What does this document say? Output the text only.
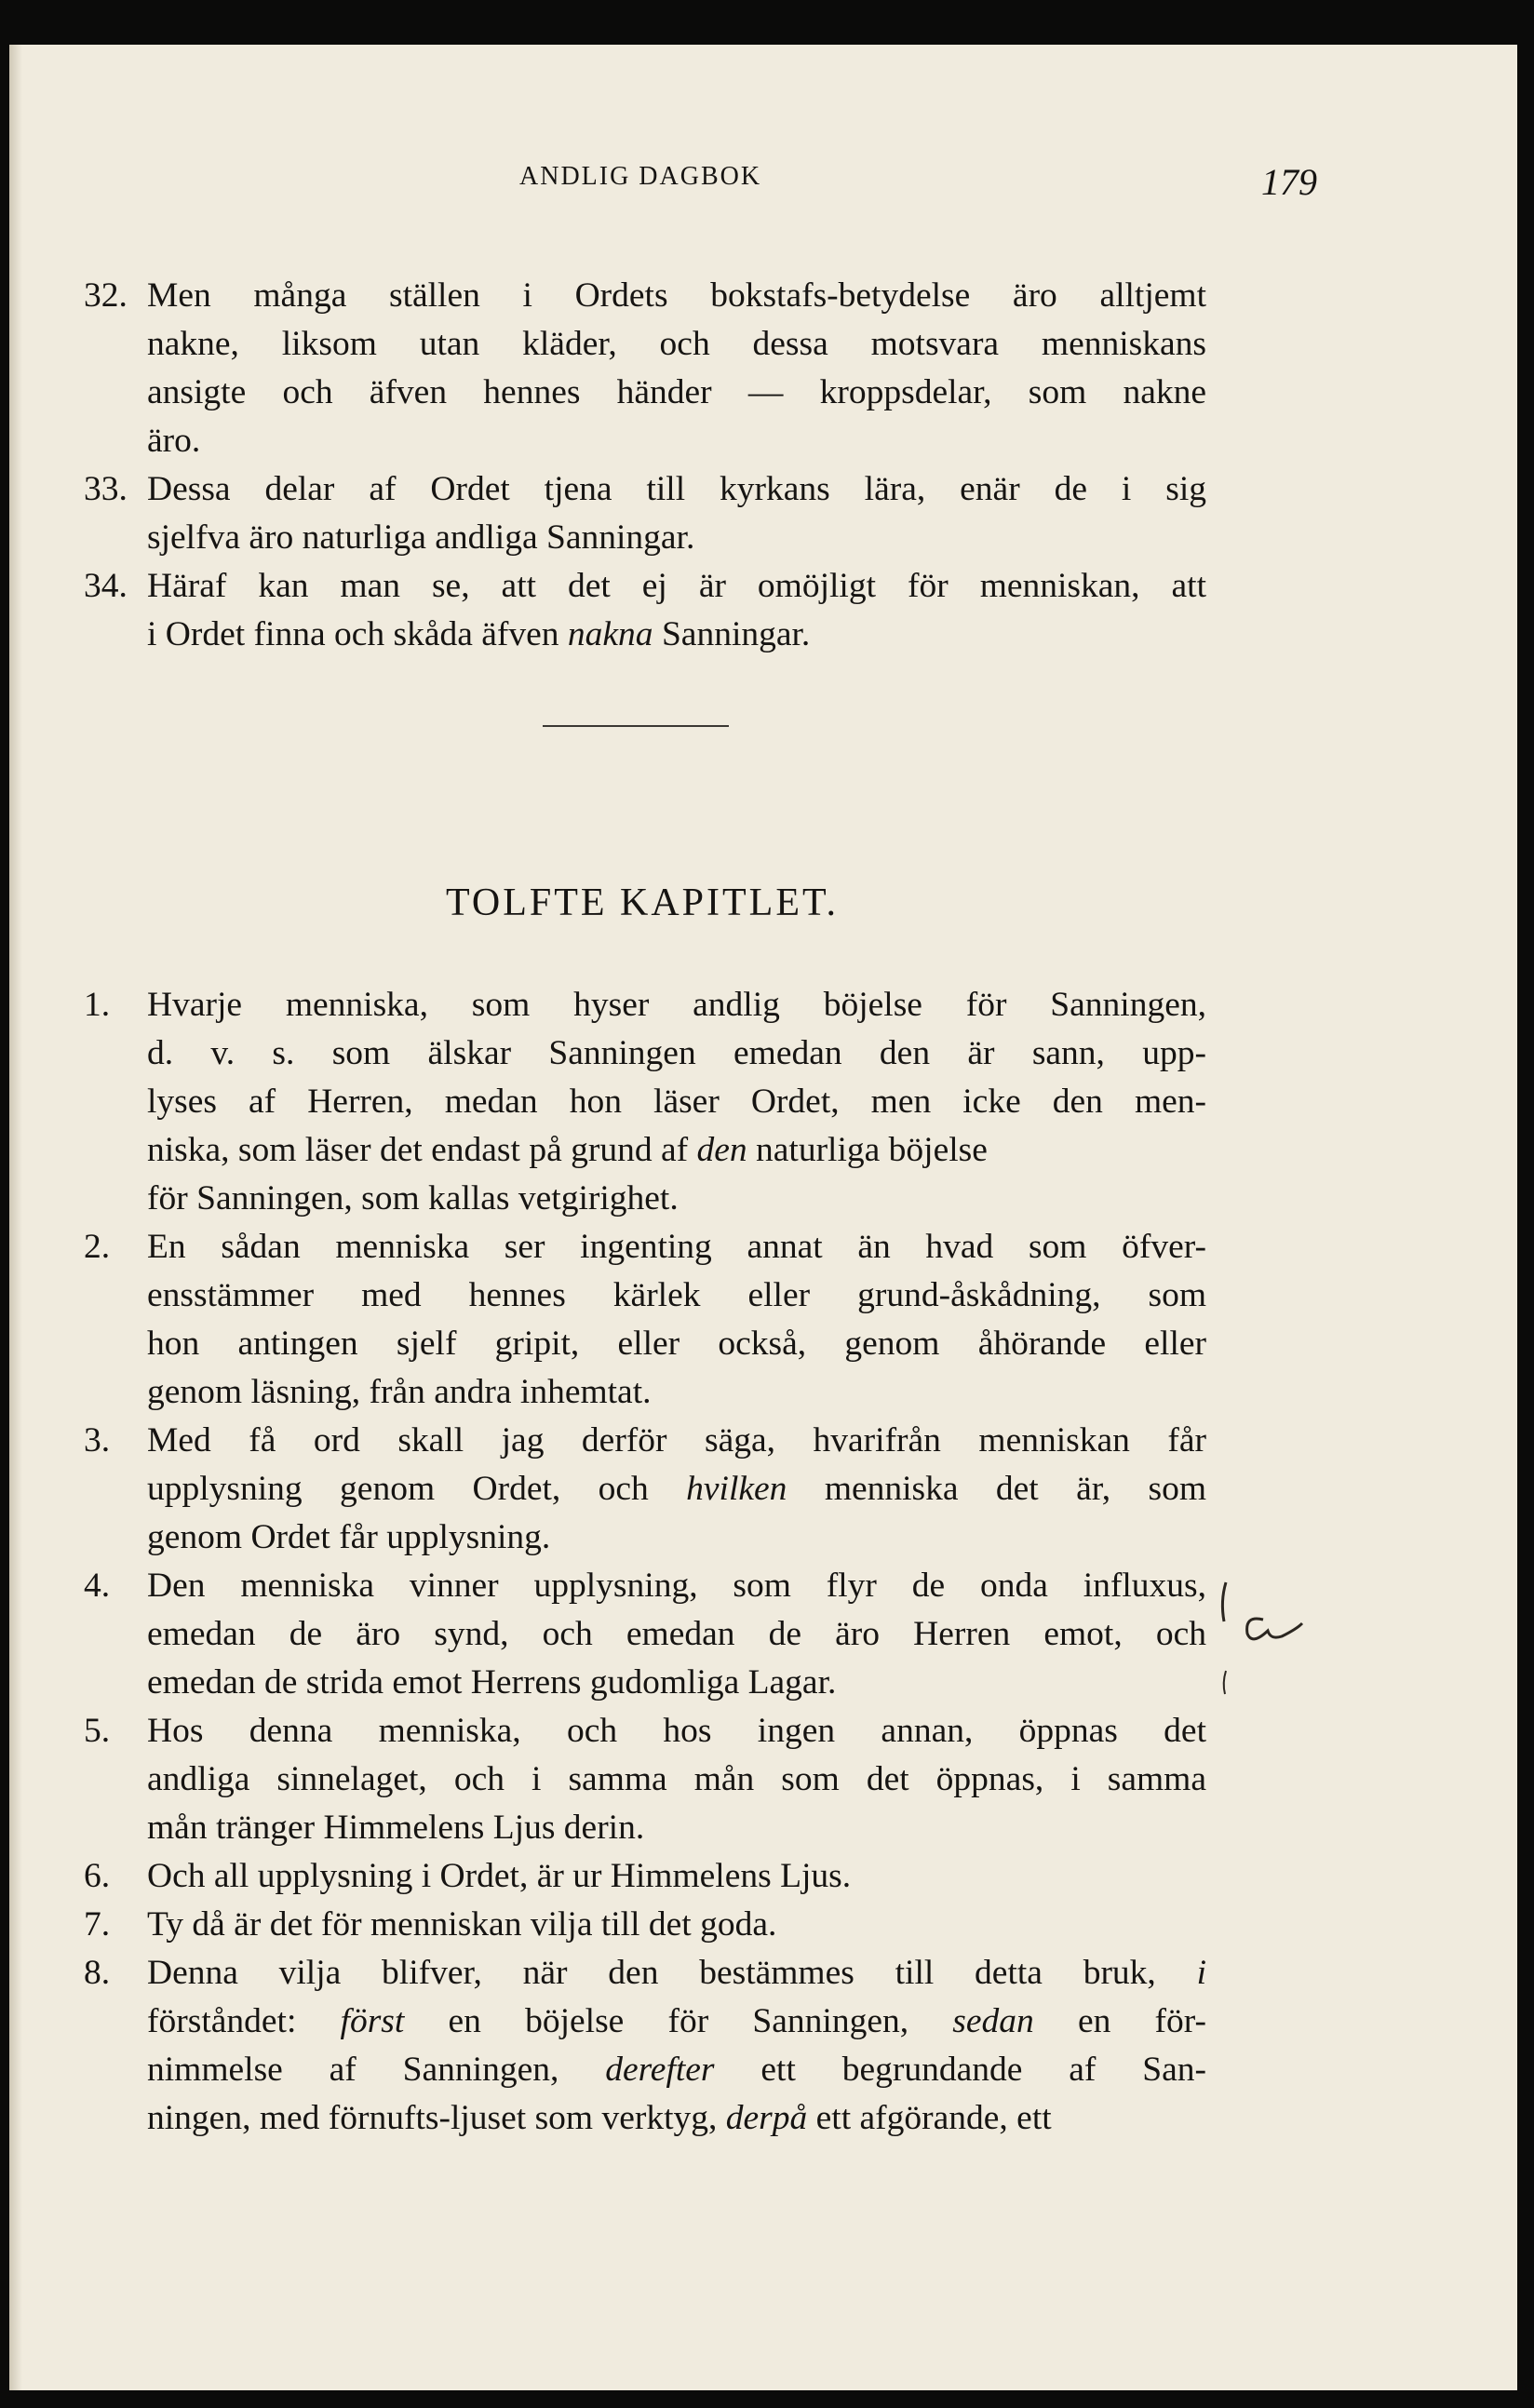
ANDLIG DAGBOK	179
32. Men många ställen i Ordets bokstafs-betydelse äro alltjemt
nakne, liksom utan kläder, och dessa motsvara menniskans
ansigte och äfven hennes händer — kroppsdelar, som nakne
äro.
33. Dessa delar af Ordet tjena till kyrkans lära, enär de i sig
sjelfva äro naturliga andliga Sanningar.
34. Häraf kan man se, att det ej är omöjligt för menniskan, att
i Ordet finna och skåda äfven nakna Sanningar.
TOLFTE KAPITLET.
1.	Hvarje menniska, som hyser andlig böjelse för Sanningen,
d. v. s. som älskar Sanningen emedan den är sann, upp-
lyses af Herren, medan hon läser Ordet, men icke den men-
niska, som läser det endast på grund af den naturliga böjelse
för Sanningen, som kallas vetgirighet.
2.	En sådan menniska ser ingenting annat än hvad som öfver-
ensstämmer med hennes kärlek eller grund-åskådning, som
hon antingen sjelf gripit, eller också, genom åhörande eller
genom läsning, från andra inhemtat.
3.	Med få ord skall jag derför säga, hvarifrån menniskan får
upplysning genom Ordet, och hvilken menniska det är, som
genom Ordet får upplysning.
4.	Den menniska vinner upplysning, som flyr de onda influxus,
emedan de äro synd, och emedan de äro Herren emot, och
emedan de strida emot Herrens gudomliga Lagar.
5.	Hos denna menniska, och hos ingen annan, öppnas det
andliga sinnelaget, och i samma mån som det öppnas, i samma
mån tränger Himmelens Ljus derin.
6.	Och all upplysning i Ordet, är ur Himmelens Ljus.
7.	Ty då är det för menniskan vilja till det goda.
8.	Denna vilja blifver, när den bestämmes till detta bruk, i
förståndet: först en böjelse för Sanningen, sedan en för-
nimmelse af Sanningen, derefter ett begrundande af San-
ningen, med förnufts-ljuset som verktyg, derpå ett afgörande, ett
